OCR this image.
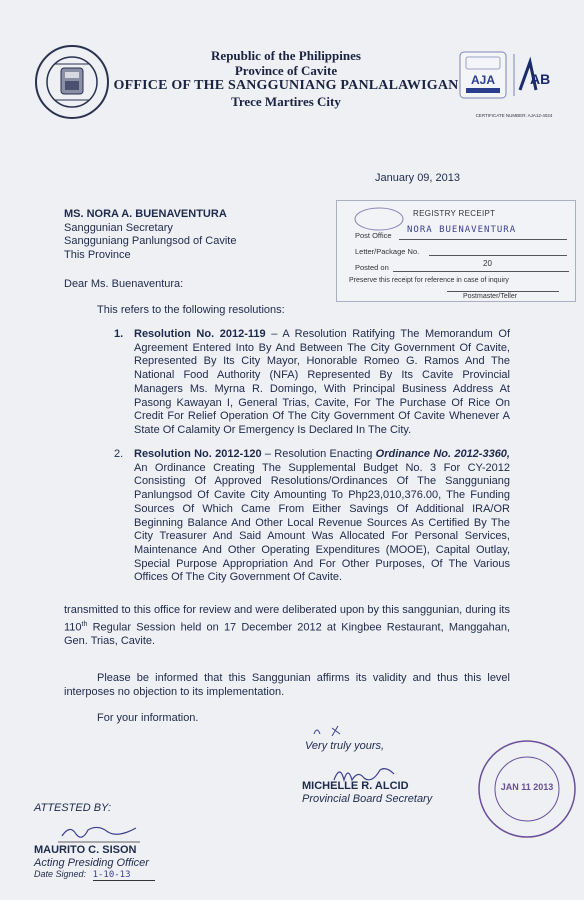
Republic of the Philippines
Province of Cavite
OFFICE OF THE SANGGUNIANG PANLALAWIGAN
Trece Martires City
AJA AB
CERTIFICATE NUMBER: AJA12-4024
January 09, 2013
MS. NORA A. BUENAVENTURA
Sanggunian Secretary
Sangguniang Panlungsod of Cavite
This Province
REGISTRY RECEIPT
Post Office
NORA BUENAVENTURA
Letter/Package No.
Posted on	20
Preserve this receipt for reference in case of inquiry
Postmaster/Teller
Dear Ms. Buenaventura:
This refers to the following resolutions:
1. Resolution No. 2012-119 – A Resolution Ratifying The Memorandum Of Agreement Entered Into By And Between The City Government Of Cavite, Represented By Its City Mayor, Honorable Romeo G. Ramos And The National Food Authority (NFA) Represented By Its Cavite Provincial Managers Ms. Myrna R. Domingo, With Principal Business Address At Pasong Kawayan I, General Trias, Cavite, For The Purchase Of Rice On Credit For Relief Operation Of The City Government Of Cavite Whenever A State Of Calamity Or Emergency Is Declared In The City.
2. Resolution No. 2012-120 – Resolution Enacting Ordinance No. 2012-3360, An Ordinance Creating The Supplemental Budget No. 3 For CY-2012 Consisting Of Approved Resolutions/Ordinances Of The Sangguniang Panlungsod Of Cavite City Amounting To Php23,010,376.00, The Funding Sources Of Which Came From Either Savings Of Additional IRA/OR Beginning Balance And Other Local Revenue Sources As Certified By The City Treasurer And Said Amount Was Allocated For Personal Services, Maintenance And Other Operating Expenditures (MOOE), Capital Outlay, Special Purpose Appropriation And For Other Purposes, Of The Various Offices Of The City Government Of Cavite.
transmitted to this office for review and were deliberated upon by this sanggunian, during its 110th Regular Session held on 17 December 2012 at Kingbee Restaurant, Manggahan, Gen. Trias, Cavite.
Please be informed that this Sanggunian affirms its validity and thus this level interposes no objection to its implementation.
For your information.
Very truly yours,
MICHELLE R. ALCID
Provincial Board Secretary
JAN 11 2013
ATTESTED BY:
MAURITO C. SISON
Acting Presiding Officer
Date Signed: 1-10-13
